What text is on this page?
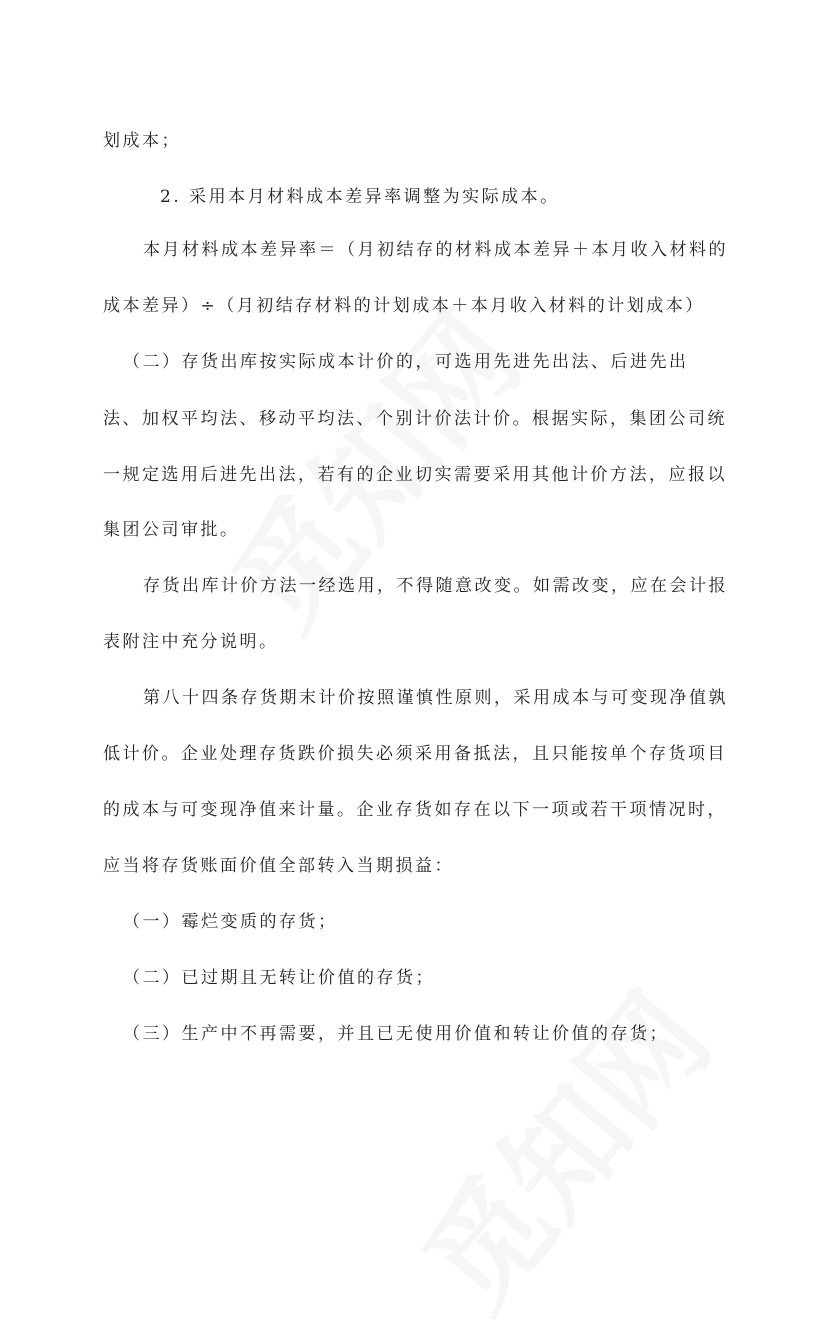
划成本；
2. 采用本月材料成本差异率调整为实际成本。
本月材料成本差异率＝（月初结存的材料成本差异＋本月收入材料的
成本差异）÷（月初结存材料的计划成本＋本月收入材料的计划成本）
（二）存货出库按实际成本计价的，可选用先进先出法、后进先出
法、加权平均法、移动平均法、个别计价法计价。根据实际，集团公司统
一规定选用后进先出法，若有的企业切实需要采用其他计价方法，应报以
集团公司审批。
存货出库计价方法一经选用，不得随意改变。如需改变，应在会计报
表附注中充分说明。
第八十四条存货期末计价按照谨慎性原则，采用成本与可变现净值孰
低计价。企业处理存货跌价损失必须采用备抵法，且只能按单个存货项目
的成本与可变现净值来计量。企业存货如存在以下一项或若干项情况时，
应当将存货账面价值全部转入当期损益：
（一）霉烂变质的存货；
（二）已过期且无转让价值的存货；
（三）生产中不再需要，并且已无使用价值和转让价值的存货；
